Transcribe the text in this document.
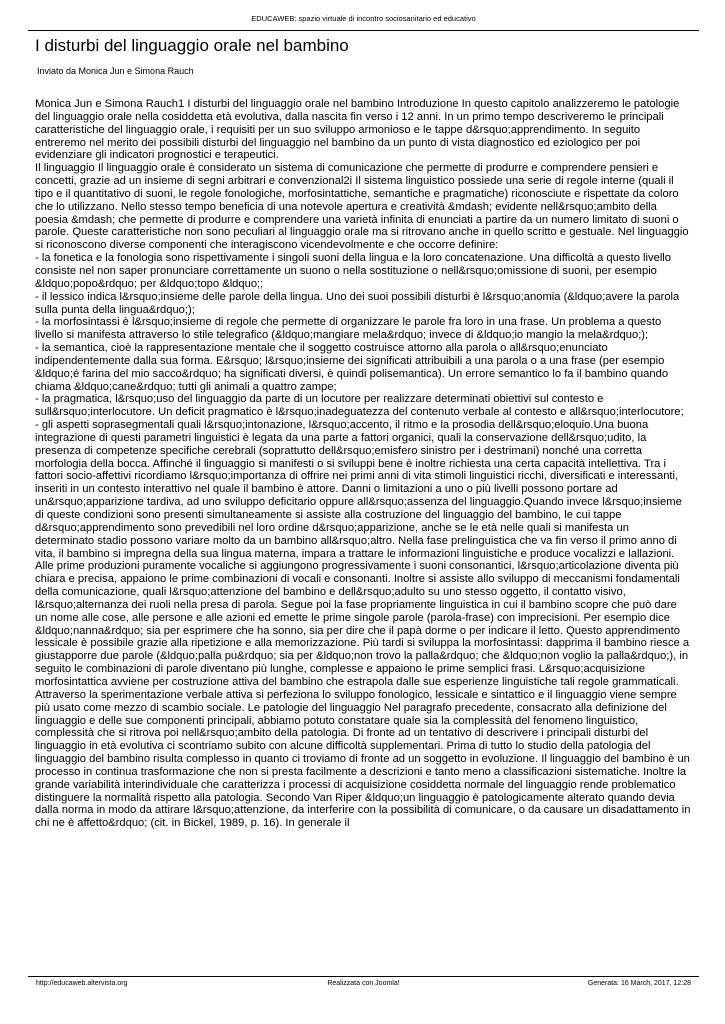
EDUCAWEB: spazio virtuale di incontro sociosanitario ed educativo
I disturbi del linguaggio orale nel bambino
Inviato da Monica Jun e Simona Rauch
Monica Jun e Simona Rauch1 I disturbi del linguaggio orale nel bambino Introduzione In questo capitolo analizzeremo le patologie del linguaggio orale nella cosiddetta età evolutiva, dalla nascita fin verso i 12 anni. In un primo tempo descriveremo le principali caratteristiche del linguaggio orale, i requisiti per un suo sviluppo armonioso e le tappe d&rsquo;apprendimento. In seguito entreremo nel merito dei possibili disturbi del linguaggio nel bambino da un punto di vista diagnostico ed eziologico per poi evidenziare gli indicatori prognostici e terapeutici.
Il linguaggio Il linguaggio orale è considerato un sistema di comunicazione che permette di produrre e comprendere pensieri e concetti, grazie ad un insieme di segni arbitrari e convenzional2i Il sistema linguistico possiede una serie di regole interne (quali il tipo e il quantitativo di suoni, le regole fonologiche, morfosintattiche, semantiche e pragmatiche) riconosciute e rispettate da coloro che lo utilizzano. Nello stesso tempo beneficia di una notevole apertura e creatività &mdash; evidente nell&rsquo;ambito della poesia &mdash; che permette di produrre e comprendere una varietà infinita di enunciati a partire da un numero limitato di suoni o parole. Queste caratteristiche non sono peculiari al linguaggio orale ma si ritrovano anche in quello scritto e gestuale. Nel linguaggio si riconoscono diverse componenti che interagiscono vicendevolmente e che occorre definire:
- la fonetica e la fonologia sono rispettivamente i singoli suoni della lingua e la loro concatenazione. Una difficoltà a questo livello consiste nel non saper pronunciare correttamente un suono o nella sostituzione o nell&rsquo;omissione di suoni, per esempio &ldquo;popo&rdquo; per &ldquo;topo &ldquo;;
- il lessico indica l&rsquo;insieme delle parole della lingua. Uno dei suoi possibili disturbi è l&rsquo;anomia (&ldquo;avere la parola sulla punta della lingua&rdquo;);
- la morfosintassi è l&rsquo;insieme di regole che permette di organizzare le parole fra loro in una frase. Un problema a questo livello si manifesta attraverso lo stile telegrafico (&ldquo;mangiare mela&rdquo; invece di &ldquo;io mangio la mela&rdquo;);
- la semantica, cioè la rappresentazione mentale che il soggetto costruisce attorno alla parola o all&rsquo;enunciato indipendentemente dalla sua forma. E&rsquo; l&rsquo;insieme dei significati attribuibili a una parola o a una frase (per esempio &ldquo;é farina del mio sacco&rdquo; ha significati diversi, è quindi polisemantica). Un errore semantico lo fa il bambino quando chiama &ldquo;cane&rdquo; tutti gli animali a quattro zampe;
- la pragmatica, l&rsquo;uso del linguaggio da parte di un locutore per realizzare determinati obiettivi sul contesto e sull&rsquo;interlocutore. Un deficit pragmatico è l&rsquo;inadeguatezza del contenuto verbale al contesto e all&rsquo;interlocutore;
- gli aspetti soprasegmentali quali l&rsquo;intonazione, l&rsquo;accento, il ritmo e la prosodia dell&rsquo;eloquio.Una buona integrazione di questi parametri linguistici è legata da una parte a fattori organici, quali la conservazione dell&rsquo;udito, la presenza di competenze specifiche cerebrali (soprattutto dell&rsquo;emisfero sinistro per i destrimani) nonché una corretta morfologia della bocca. Affinché il linguaggio si manifesti o si sviluppi bene è inoltre richiesta una certa capacità intellettiva. Tra i fattori socio-affettivi ricordiamo l&rsquo;importanza di offrire nei primi anni di vita stimoli linguistici ricchi, diversificati e interessanti, inseriti in un contesto interattivo nel quale il bambino è attore. Danni o limitazioni a uno o più livelli possono portare ad un&rsquo;apparizione tardiva, ad uno sviluppo deficitario oppure all&rsquo;assenza del linguaggio.Quando invece l&rsquo;insieme di queste condizioni sono presenti simultaneamente si assiste alla costruzione del linguaggio del bambino, le cui tappe d&rsquo;apprendimento sono prevedibili nel loro ordine d&rsquo;apparizione, anche se le età nelle quali si manifesta un determinato stadio possono variare molto da un bambino all&rsquo;altro. Nella fase prelinguistica che va fin verso il primo anno di vita, il bambino si impregna della sua lingua materna, impara a trattare le informazioni linguistiche e produce vocalizzi e lallazioni. Alle prime produzioni puramente vocaliche si aggiungono progressivamente i suoni consonantici, l&rsquo;articolazione diventa più chiara e precisa, appaiono le prime combinazioni di vocali e consonanti. Inoltre si assiste allo sviluppo di meccanismi fondamentali della comunicazione, quali l&rsquo;attenzione del bambino e dell&rsquo;adulto su uno stesso oggetto, il contatto visivo, l&rsquo;alternanza dei ruoli nella presa di parola. Segue poi la fase propriamente linguistica in cui il bambino scopre che può dare un nome alle cose, alle persone e alle azioni ed emette le prime singole parole (parola-frase) con imprecisioni. Per esempio dice &ldquo;nanna&rdquo; sia per esprimere che ha sonno, sia per dire che il papà dorme o per indicare il letto. Questo apprendimento lessicale è possibile grazie alla ripetizione e alla memorizzazione. Più tardi si sviluppa la morfosintassi: dapprima il bambino riesce a giustapporre due parole (&ldquo;palla pu&rdquo; sia per &ldquo;non trovo la palla&rdquo; che &ldquo;non voglio la palla&rdquo;), in seguito le combinazioni di parole diventano più lunghe, complesse e appaiono le prime semplici frasi. L&rsquo;acquisizione morfosintattica avviene per costruzione attiva del bambino che estrapola dalle sue esperienze linguistiche tali regole grammaticali. Attraverso la sperimentazione verbale attiva si perfeziona lo sviluppo fonologico, lessicale e sintattico e il linguaggio viene sempre più usato come mezzo di scambio sociale. Le patologie del linguaggio Nel paragrafo precedente, consacrato alla definizione del linguaggio e delle sue componenti principali, abbiamo potuto constatare quale sia la complessità del fenomeno linguistico, complessità che si ritrova poi nell&rsquo;ambito della patologia. Di fronte ad un tentativo di descrivere i principali disturbi del linguaggio in età evolutiva ci scontriamo subito con alcune difficoltà supplementari. Prima di tutto lo studio della patologia del linguaggio del bambino risulta complesso in quanto ci troviamo di fronte ad un soggetto in evoluzione. Il linguaggio del bambino è un processo in continua trasformazione che non si presta facilmente a descrizioni e tanto meno a classificazioni sistematiche. Inoltre la grande variabilità interindividuale che caratterizza i processi di acquisizione cosiddetta normale del linguaggio rende problematico distinguere la normalità rispetto alla patologia. Secondo Van Riper &ldquo;un linguaggio è patologicamente alterato quando devia dalla norma in modo da attirare l&rsquo;attenzione, da interferire con la possibilità di comunicare, o da causare un disadattamento in chi ne è affetto&rdquo; (cit. in Bickel, 1989, p. 16). In generale il
http://educaweb.altervista.org	Realizzata con Joomla!	Generata: 16 March, 2017, 12:28
